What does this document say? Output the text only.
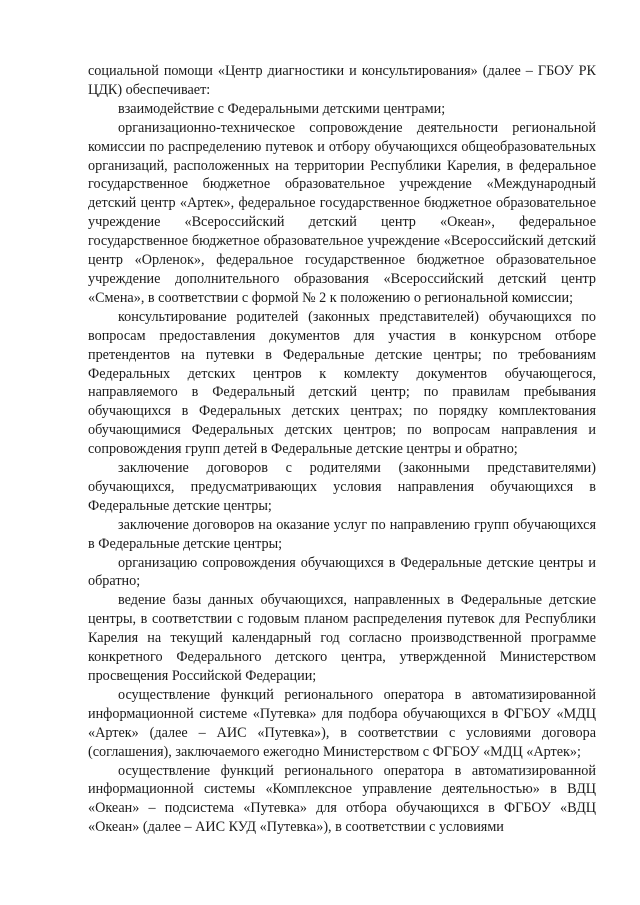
социальной помощи «Центр диагностики и консультирования» (далее – ГБОУ РК ЦДК) обеспечивает:

взаимодействие с Федеральными детскими центрами;

организационно-техническое сопровождение деятельности региональной комиссии по распределению путевок и отбору обучающихся общеобразовательных организаций, расположенных на территории Республики Карелия, в федеральное государственное бюджетное образовательное учреждение «Международный детский центр «Артек», федеральное государственное бюджетное образовательное учреждение «Всероссийский детский центр «Океан», федеральное государственное бюджетное образовательное учреждение «Всероссийский детский центр «Орленок», федеральное государственное бюджетное образовательное учреждение дополнительного образования «Всероссийский детский центр «Смена», в соответствии с формой № 2 к положению о региональной комиссии;

консультирование родителей (законных представителей) обучающихся по вопросам предоставления документов для участия в конкурсном отборе претендентов на путевки в Федеральные детские центры; по требованиям Федеральных детских центров к комлекту документов обучающегося, направляемого в Федеральный детский центр; по правилам пребывания обучающихся в Федеральных детских центрах; по порядку комплектования обучающимися Федеральных детских центров; по вопросам направления и сопровождения групп детей в Федеральные детские центры и обратно;

заключение договоров с родителями (законными представителями) обучающихся, предусматривающих условия направления обучающихся в Федеральные детские центры;

заключение договоров на оказание услуг по направлению групп обучающихся в Федеральные детские центры;

организацию сопровождения обучающихся в Федеральные детские центры и обратно;

ведение базы данных обучающихся, направленных в Федеральные детские центры, в соответствии с годовым планом распределения путевок для Республики Карелия на текущий календарный год согласно производственной программе конкретного Федерального детского центра, утвержденной Министерством просвещения Российской Федерации;

осуществление функций регионального оператора в автоматизированной информационной системе «Путевка» для подбора обучающихся в ФГБОУ «МДЦ «Артек» (далее – АИС «Путевка»), в соответствии с условиями договора (соглашения), заключаемого ежегодно Министерством с ФГБОУ «МДЦ «Артек»;

осуществление функций регионального оператора в автоматизированной информационной системы «Комплексное управление деятельностью» в ВДЦ «Океан» – подсистема «Путевка» для отбора обучающихся в ФГБОУ «ВДЦ «Океан» (далее – АИС КУД «Путевка»), в соответствии с условиями
